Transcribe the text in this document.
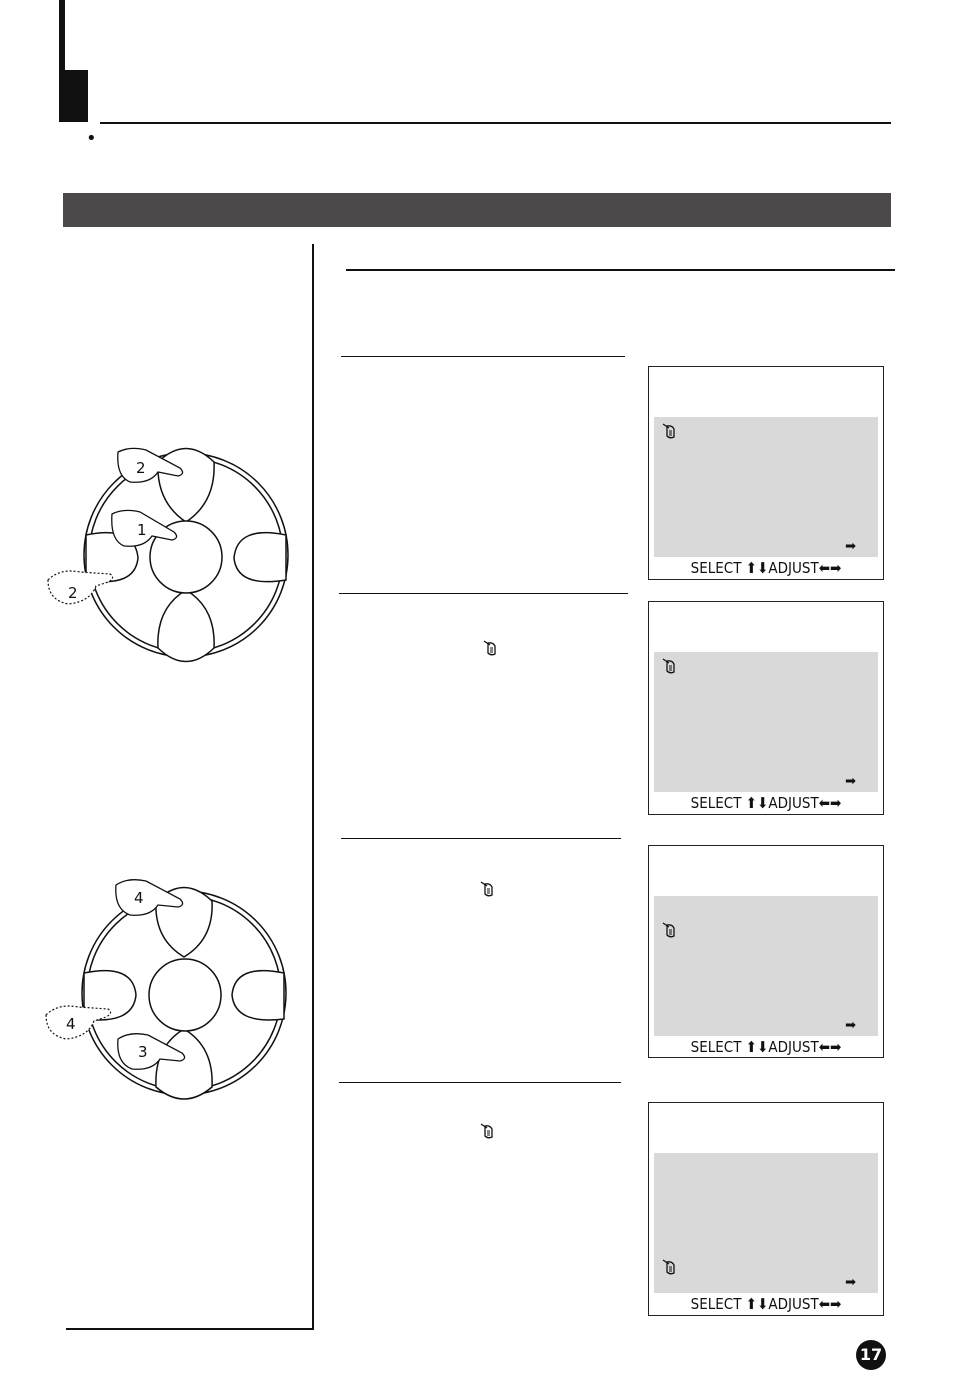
•
➡
SELECT ⬆⬇ADJUST⬅➡
➡
SELECT ⬆⬇ADJUST⬅➡
➡
SELECT ⬆⬇ADJUST⬅➡
➡
SELECT ⬆⬇ADJUST⬅➡
2
1
2
4
3
4
17
